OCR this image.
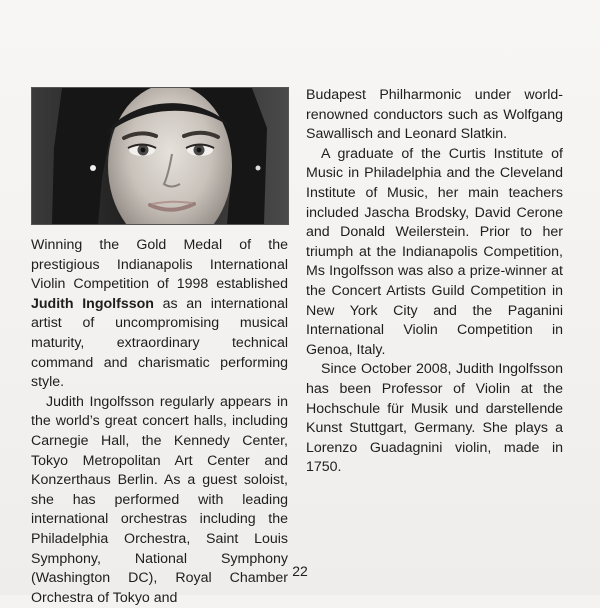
Winning the Gold Medal of the prestigious Indianapolis International Violin Competition of 1998 established Judith Ingolfsson as an international artist of uncompromising musical maturity, extraordinary technical command and charismatic performing style.

Judith Ingolfsson regularly appears in the world’s great concert halls, including Carnegie Hall, the Kennedy Center, Tokyo Metropolitan Art Center and Konzerthaus Berlin. As a guest soloist, she has performed with leading international orchestras including the Philadelphia Orchestra, Saint Louis Symphony, National Symphony (Washington DC), Royal Chamber Orchestra of Tokyo and

Budapest Philharmonic under world-renowned conductors such as Wolfgang Sawallisch and Leonard Slatkin.

A graduate of the Curtis Institute of Music in Philadelphia and the Cleveland Institute of Music, her main teachers included Jascha Brodsky, David Cerone and Donald Weilerstein. Prior to her triumph at the Indianapolis Competition, Ms Ingolfsson was also a prize-winner at the Concert Artists Guild Competition in New York City and the Paganini International Violin Competition in Genoa, Italy.

Since October 2008, Judith Ingolfsson has been Professor of Violin at the Hochschule für Musik und darstellende Kunst Stuttgart, Germany. She plays a Lorenzo Guadagnini violin, made in 1750.

22
